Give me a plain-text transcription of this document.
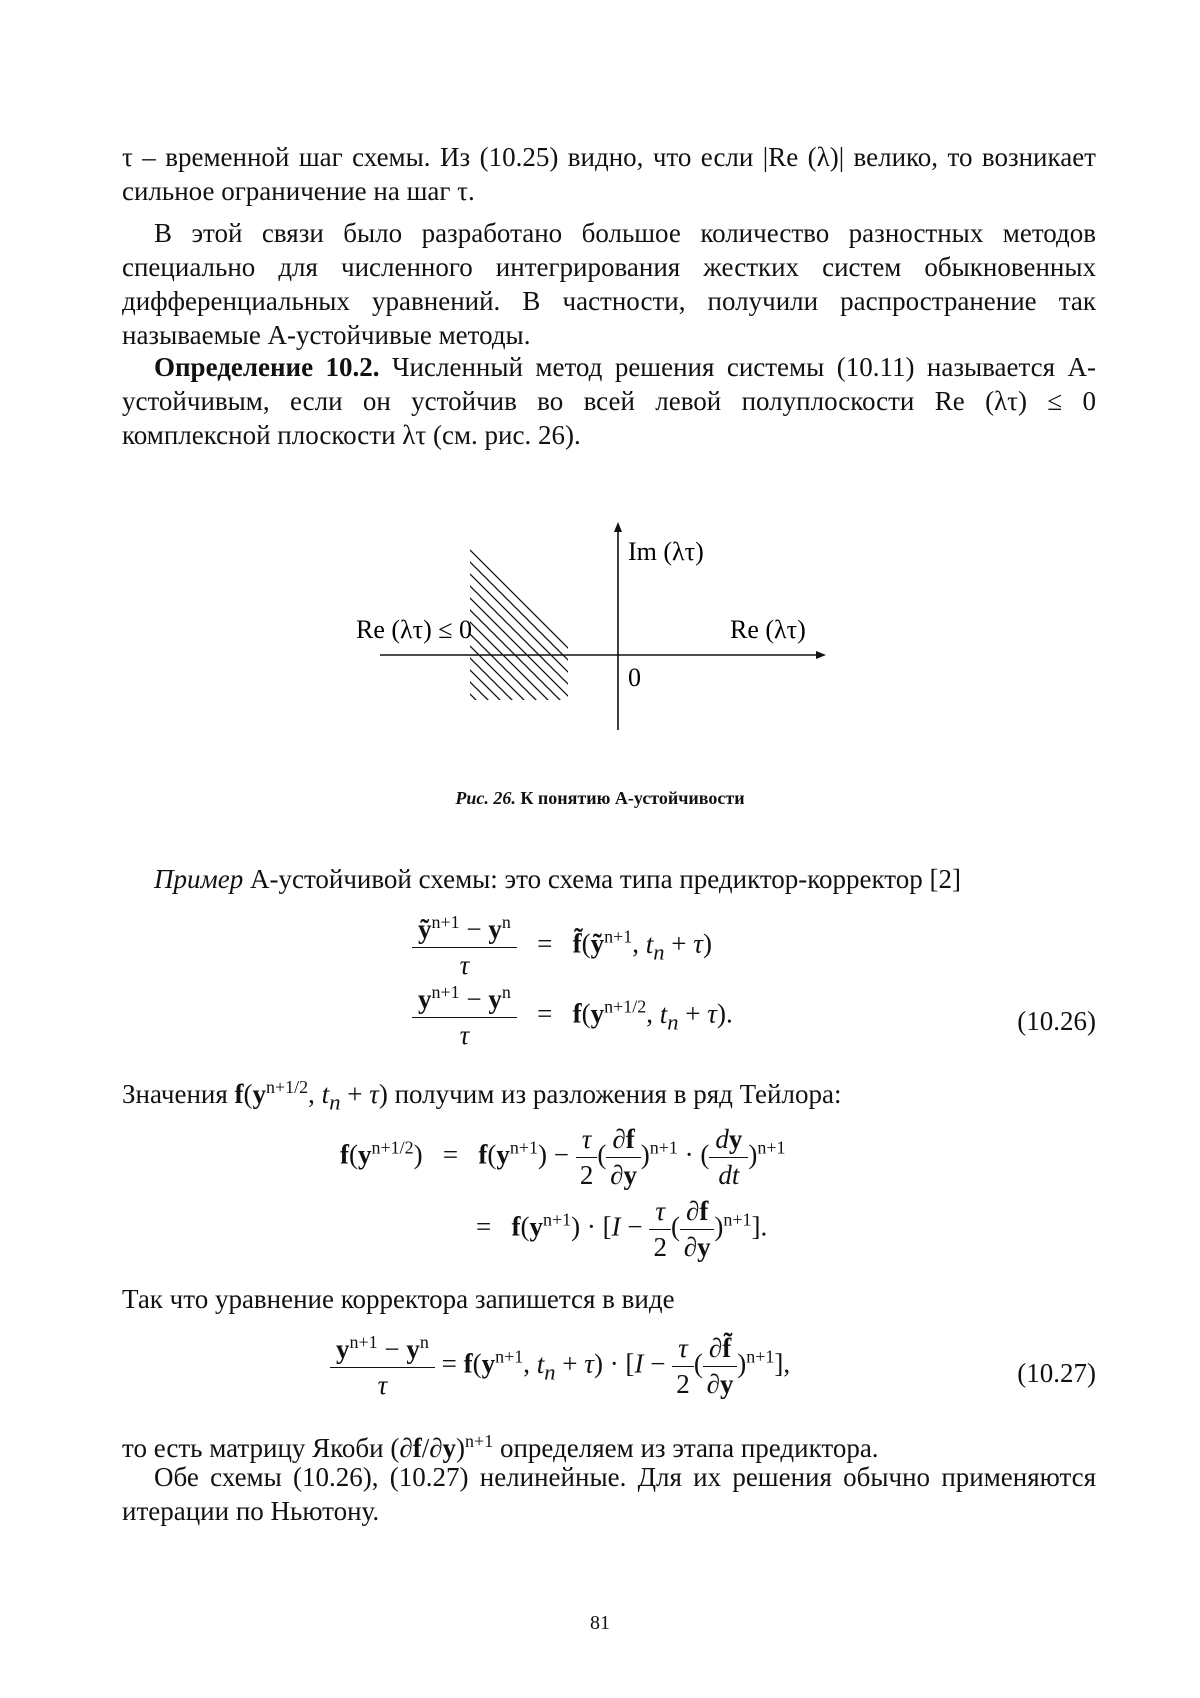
τ – временной шаг схемы. Из (10.25) видно, что если |Re (λ)| велико, то возникает сильное ограничение на шаг τ.
В этой связи было разработано большое количество разностных методов специально для численного интегрирования жестких систем обыкновенных дифференциальных уравнений. В частности, получили распространение так называемые А-устойчивые методы.
Определение 10.2. Численный метод решения системы (10.11) называется А-устойчивым, если он устойчив во всей левой полуплоскости Re (λτ) ≤ 0 комплексной плоскости λτ (см. рис. 26).
Im (λτ)
Re (λτ)
Re (λτ) ≤ 0
0
Рис. 26. К понятию А-устойчивости
Пример А-устойчивой схемы: это схема типа предиктор-корректор [2]
$\frac{ỹ^{n+1} - y^n}{\tau}$ =   f̃(ỹ$^{n+1}$, $t_n + \tau$)
$\frac{y^{n+1} - y^n}{\tau} = f(y^{n+1/2}$, $t_n + \tau$).	(10.26)
Значения $f(y^{n+1/2}$, $t_n + \tau$) получим из разложения в ряд Тейлора:
$f(y^{n+1/2}) = f(y^{n+1}) - \frac{\tau}{2}$ ( $\frac{\partial f}{\partial y} )^{n+1}$ · ( $\frac{dy}{dt} )^{n+1}$
=   $f(y^{n+1}) \cdot [I - \frac{\tau}{2}$ ( $\frac{\partial f}{\partial y} )^{n+1}$].
Так что уравнение корректора запишется в виде
$\frac{y^{n+1} - y^n}{\tau} = f(y^{n+1}$, $t_n + \tau) \cdot [I - \frac{\tau}{2}$ ( $\frac{\partial f̃}{\partial y} )^{n+1}$],	(10.27)
то есть матрицу Якоби $(\partial f/\partial y)^{n+1}$ определяем из этапа предиктора.
Обе схемы (10.26), (10.27) нелинейные. Для их решения обычно применяются итерации по Ньютону.
81
